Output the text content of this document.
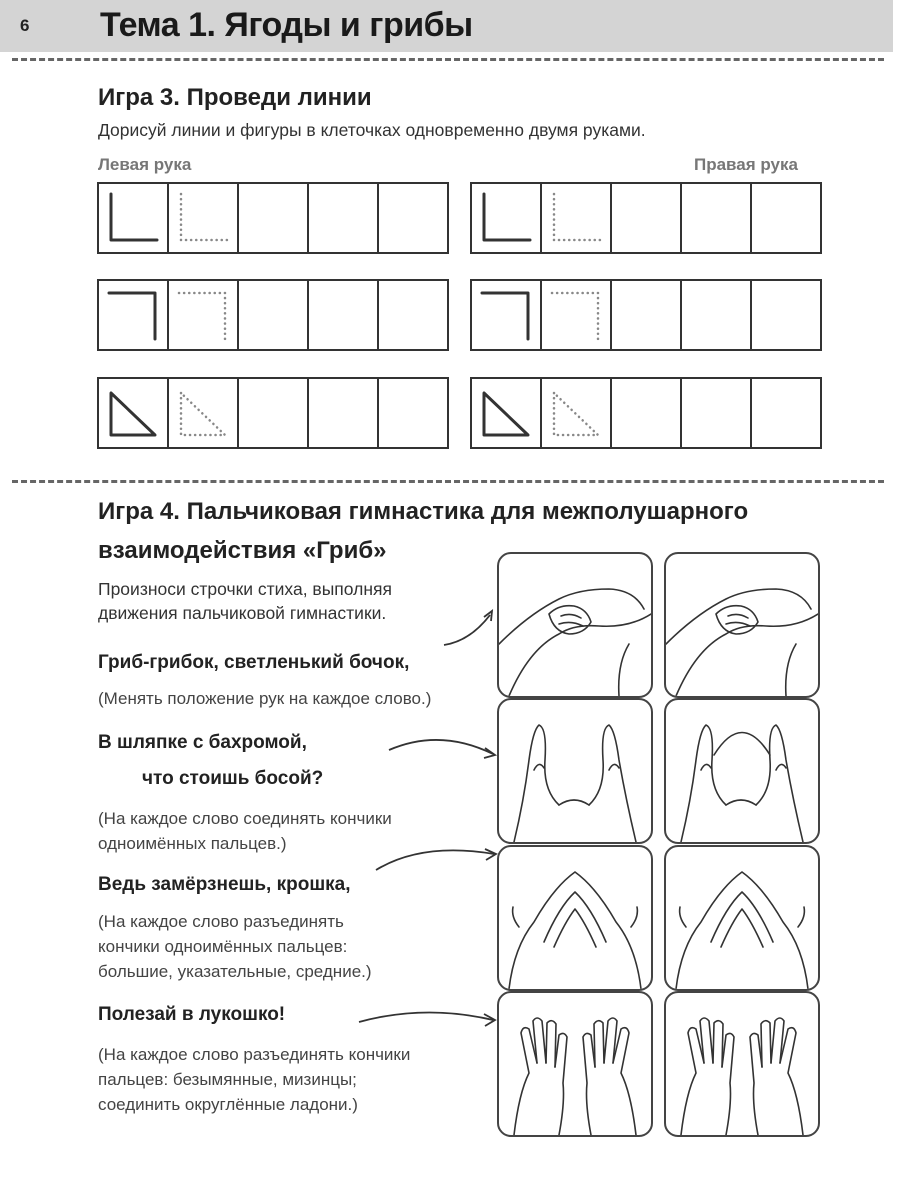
6 Тема 1. Ягоды и грибы
Игра 3. Проведи линии
Дорисуй линии и фигуры в клеточках одновременно двумя руками.
Левая рука	Правая рука
Игра 4. Пальчиковая гимнастика для межполушарного
взаимодействия «Гриб»
Произноси строчки стиха, выполняя
движения пальчиковой гимнастики.
Гриб-грибок, светленький бочок,
(Менять положение рук на каждое слово.)
В шляпке с бахромой,
что стоишь босой?
(На каждое слово соединять кончики
одноимённых пальцев.)
Ведь замёрзнешь, крошка,
(На каждое слово разъединять
кончики одноимённых пальцев:
большие, указательные, средние.)
Полезай в лукошко!
(На каждое слово разъединять кончики
пальцев: безымянные, мизинцы;
соединить округлённые ладони.)
